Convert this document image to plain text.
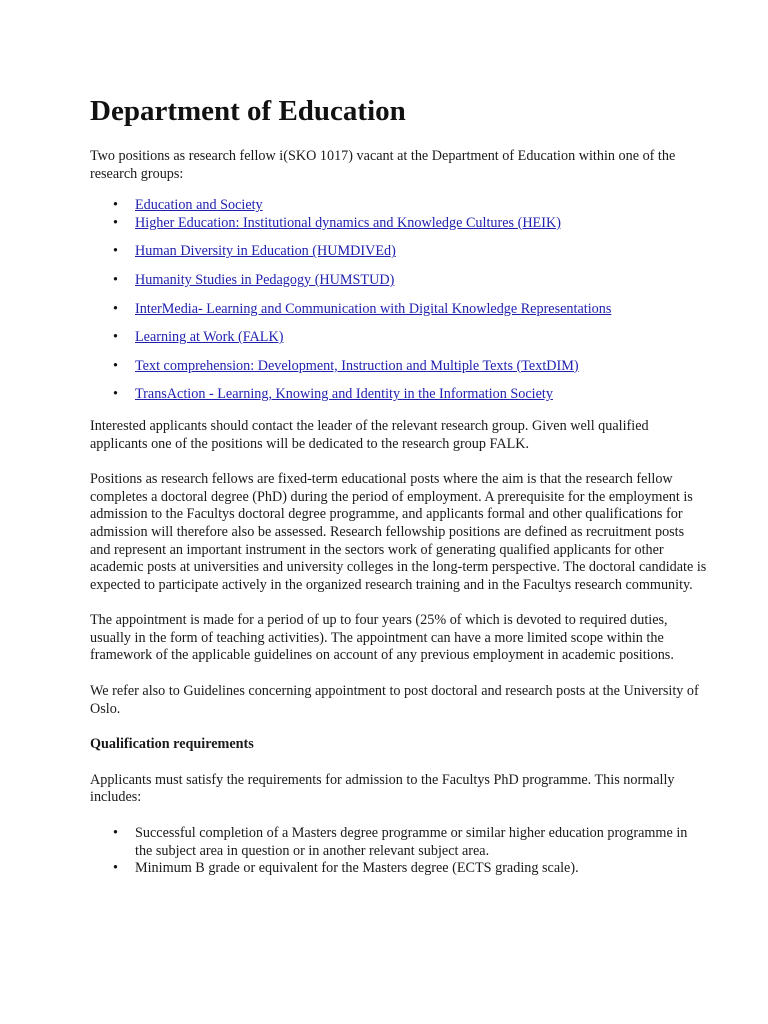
Department of Education

Two positions as research fellow i(SKO 1017) vacant at the Department of Education within one of the research groups:

• Education and Society
• Higher Education: Institutional dynamics and Knowledge Cultures (HEIK)
• Human Diversity in Education (HUMDIVEd)
• Humanity Studies in Pedagogy (HUMSTUD)
• InterMedia- Learning and Communication with Digital Knowledge Representations
• Learning at Work (FALK)
• Text comprehension: Development, Instruction and Multiple Texts (TextDIM)
• TransAction - Learning, Knowing and Identity in the Information Society

Interested applicants should contact the leader of the relevant research group. Given well qualified applicants one of the positions will be dedicated to the research group FALK.

Positions as research fellows are fixed-term educational posts where the aim is that the research fellow completes a doctoral degree (PhD) during the period of employment. A prerequisite for the employment is admission to the Facultys doctoral degree programme, and applicants formal and other qualifications for admission will therefore also be assessed. Research fellowship positions are defined as recruitment posts and represent an important instrument in the sectors work of generating qualified applicants for other academic posts at universities and university colleges in the long-term perspective. The doctoral candidate is expected to participate actively in the organized research training and in the Facultys research community.

The appointment is made for a period of up to four years (25% of which is devoted to required duties, usually in the form of teaching activities). The appointment can have a more limited scope within the framework of the applicable guidelines on account of any previous employment in academic positions.

We refer also to Guidelines concerning appointment to post doctoral and research posts at the University of Oslo.

Qualification requirements

Applicants must satisfy the requirements for admission to the Facultys PhD programme. This normally includes:

• Successful completion of a Masters degree programme or similar higher education programme in the subject area in question or in another relevant subject area.
• Minimum B grade or equivalent for the Masters degree (ECTS grading scale).
